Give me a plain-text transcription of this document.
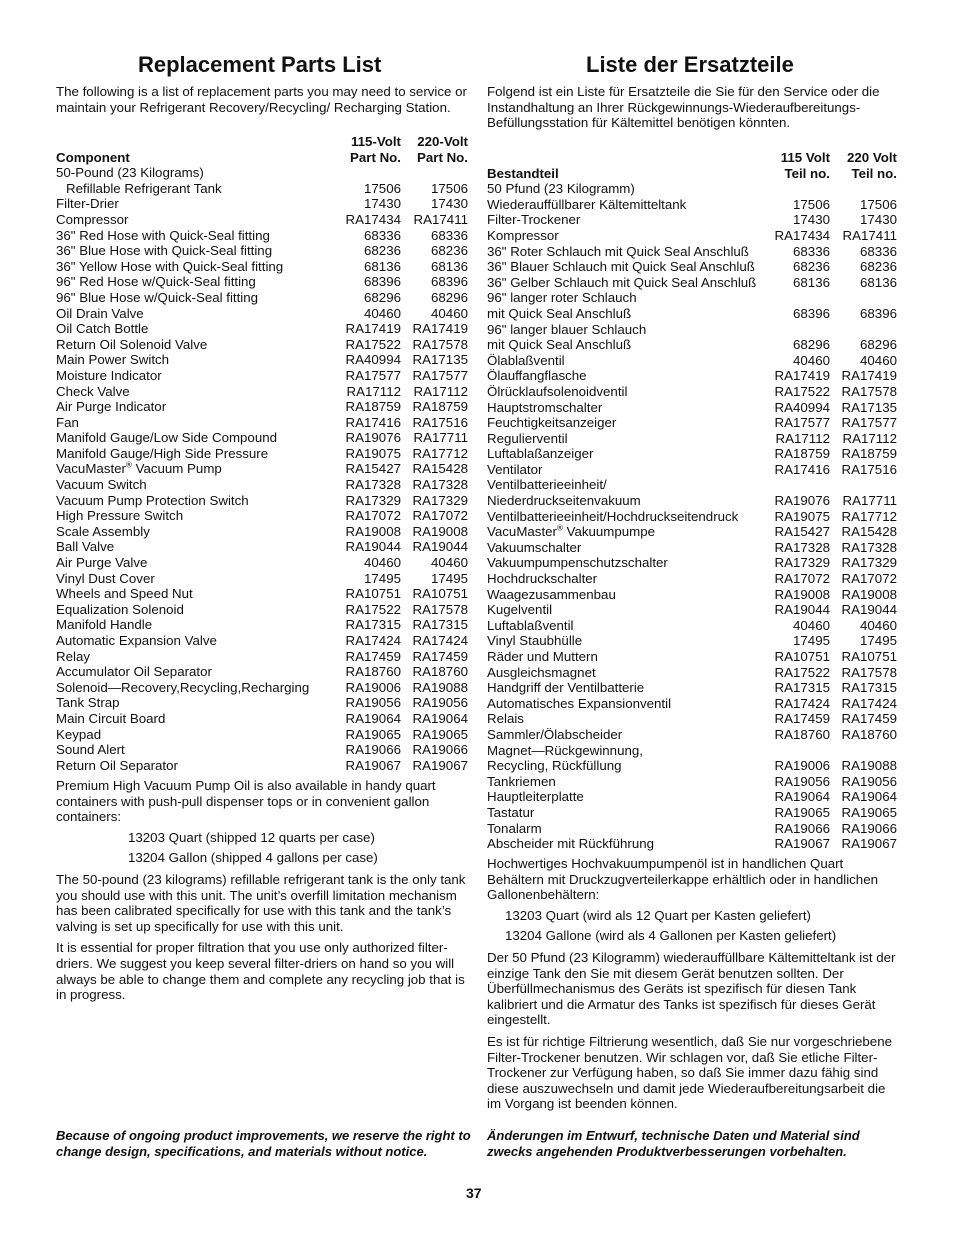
Replacement Parts List
The following is a list of replacement parts you may need to service or maintain your Refrigerant Recovery/Recycling/ Recharging Station.
Component	115-Volt	220-Volt
	Part No.	Part No.
50-Pound (23 Kilograms)		
Refillable Refrigerant Tank	17506	17506
Filter-Drier	17430	17430
Compressor	RA17434	RA17411
36" Red Hose with Quick-Seal fitting	68336	68336
36" Blue Hose with Quick-Seal fitting	68236	68236
36" Yellow Hose with Quick-Seal fitting	68136	68136
96" Red Hose w/Quick-Seal fitting	68396	68396
96" Blue Hose w/Quick-Seal fitting	68296	68296
Oil Drain Valve	40460	40460
Oil Catch Bottle	RA17419	RA17419
Return Oil Solenoid Valve	RA17522	RA17578
Main Power Switch	RA40994	RA17135
Moisture Indicator	RA17577	RA17577
Check Valve	RA17112	RA17112
Air Purge Indicator	RA18759	RA18759
Fan	RA17416	RA17516
Manifold Gauge/Low Side Compound	RA19076	RA17711
Manifold Gauge/High Side Pressure	RA19075	RA17712
VacuMaster® Vacuum Pump	RA15427	RA15428
Vacuum Switch	RA17328	RA17328
Vacuum Pump Protection Switch	RA17329	RA17329
High Pressure Switch	RA17072	RA17072
Scale Assembly	RA19008	RA19008
Ball Valve	RA19044	RA19044
Air Purge Valve	40460	40460
Vinyl Dust Cover	17495	17495
Wheels and Speed Nut	RA10751	RA10751
Equalization Solenoid	RA17522	RA17578
Manifold Handle	RA17315	RA17315
Automatic Expansion Valve	RA17424	RA17424
Relay	RA17459	RA17459
Accumulator Oil Separator	RA18760	RA18760
Solenoid—Recovery,Recycling,Recharging	RA19006	RA19088
Tank Strap	RA19056	RA19056
Main Circuit Board	RA19064	RA19064
Keypad	RA19065	RA19065
Sound Alert	RA19066	RA19066
Return Oil Separator	RA19067	RA19067
Premium High Vacuum Pump Oil is also available in handy quart containers with push-pull dispenser tops or in convenient gallon containers:
13203 Quart (shipped 12 quarts per case)
13204 Gallon (shipped 4 gallons per case)
The 50-pound (23 kilograms) refillable refrigerant tank is the only tank you should use with this unit. The unit’s overfill limitation mechanism has been calibrated specifically for use with this tank and the tank’s valving is set up specifically for use with this unit.
It is essential for proper filtration that you use only authorized filter-driers. We suggest you keep several filter-driers on hand so you will always be able to change them and complete any recycling job that is in progress.
Because of ongoing product improvements, we reserve the right to change design, specifications, and materials without notice.
Liste der Ersatzteile
Folgend ist ein Liste für Ersatzteile die Sie für den Service oder die Instandhaltung an Ihrer Rückgewinnungs-Wiederaufbereitungs-Befüllungsstation für Kältemittel benötigen könnten.
Bestandteil	115 Volt	220 Volt
	Teil no.	Teil no.
50 Pfund (23 Kilogramm)		
Wiederauffüllbarer Kältemitteltank	17506	17506
Filter-Trockener	17430	17430
Kompressor	RA17434	RA17411
36" Roter Schlauch mit Quick Seal Anschluß	68336	68336
36" Blauer Schlauch mit Quick Seal Anschluß	68236	68236
36" Gelber Schlauch mit Quick Seal Anschluß	68136	68136
96" langer roter Schlauch		
mit Quick Seal Anschluß	68396	68396
96" langer blauer Schlauch		
mit Quick Seal Anschluß	68296	68296
Ölablaßventil	40460	40460
Ölauffangflasche	RA17419	RA17419
Ölrücklaufsolenoidventil	RA17522	RA17578
Hauptstromschalter	RA40994	RA17135
Feuchtigkeitsanzeiger	RA17577	RA17577
Regulierventil	RA17112	RA17112
Luftablaßanzeiger	RA18759	RA18759
Ventilator	RA17416	RA17516
Ventilbatterieeinheit/		
Niederdruckseitenvakuum	RA19076	RA17711
Ventilbatterieeinheit/Hochdruckseitendruck	RA19075	RA17712
VacuMaster® Vakuumpumpe	RA15427	RA15428
Vakuumschalter	RA17328	RA17328
Vakuumpumpenschutzschalter	RA17329	RA17329
Hochdruckschalter	RA17072	RA17072
Waagezusammenbau	RA19008	RA19008
Kugelventil	RA19044	RA19044
Luftablaßventil	40460	40460
Vinyl Staubhülle	17495	17495
Räder und Muttern	RA10751	RA10751
Ausgleichsmagnet	RA17522	RA17578
Handgriff der Ventilbatterie	RA17315	RA17315
Automatisches Expansionventil	RA17424	RA17424
Relais	RA17459	RA17459
Sammler/Ölabscheider	RA18760	RA18760
Magnet—Rückgewinnung,		
Recycling, Rückfüllung	RA19006	RA19088
Tankriemen	RA19056	RA19056
Hauptleiterplatte	RA19064	RA19064
Tastatur	RA19065	RA19065
Tonalarm	RA19066	RA19066
Abscheider mit Rückführung	RA19067	RA19067
Hochwertiges Hochvakuumpumpenöl ist in handlichen Quart Behältern mit Druckzugverteilerkappe erhältlich oder in handlichen Gallonenbehältern:
13203 Quart (wird als 12 Quart per Kasten geliefert)
13204 Gallone (wird als 4 Gallonen per Kasten geliefert)
Der 50 Pfund (23 Kilogramm) wiederauffüllbare Kältemitteltank ist der einzige Tank den Sie mit diesem Gerät benutzen sollten. Der Überfüllmechanismus des Geräts ist spezifisch für diesen Tank kalibriert und die Armatur des Tanks ist spezifisch für dieses Gerät eingestellt.
Es ist für richtige Filtrierung wesentlich, daß Sie nur vorgeschriebene Filter-Trockener benutzen. Wir schlagen vor, daß Sie etliche Filter-Trockener zur Verfügung haben, so daß Sie immer dazu fähig sind diese auszuwechseln und damit jede Wiederaufbereitungsarbeit die im Vorgang ist beenden können.
Änderungen im Entwurf, technische Daten und Material sind zwecks angehenden Produktverbesserungen vorbehalten.
37
